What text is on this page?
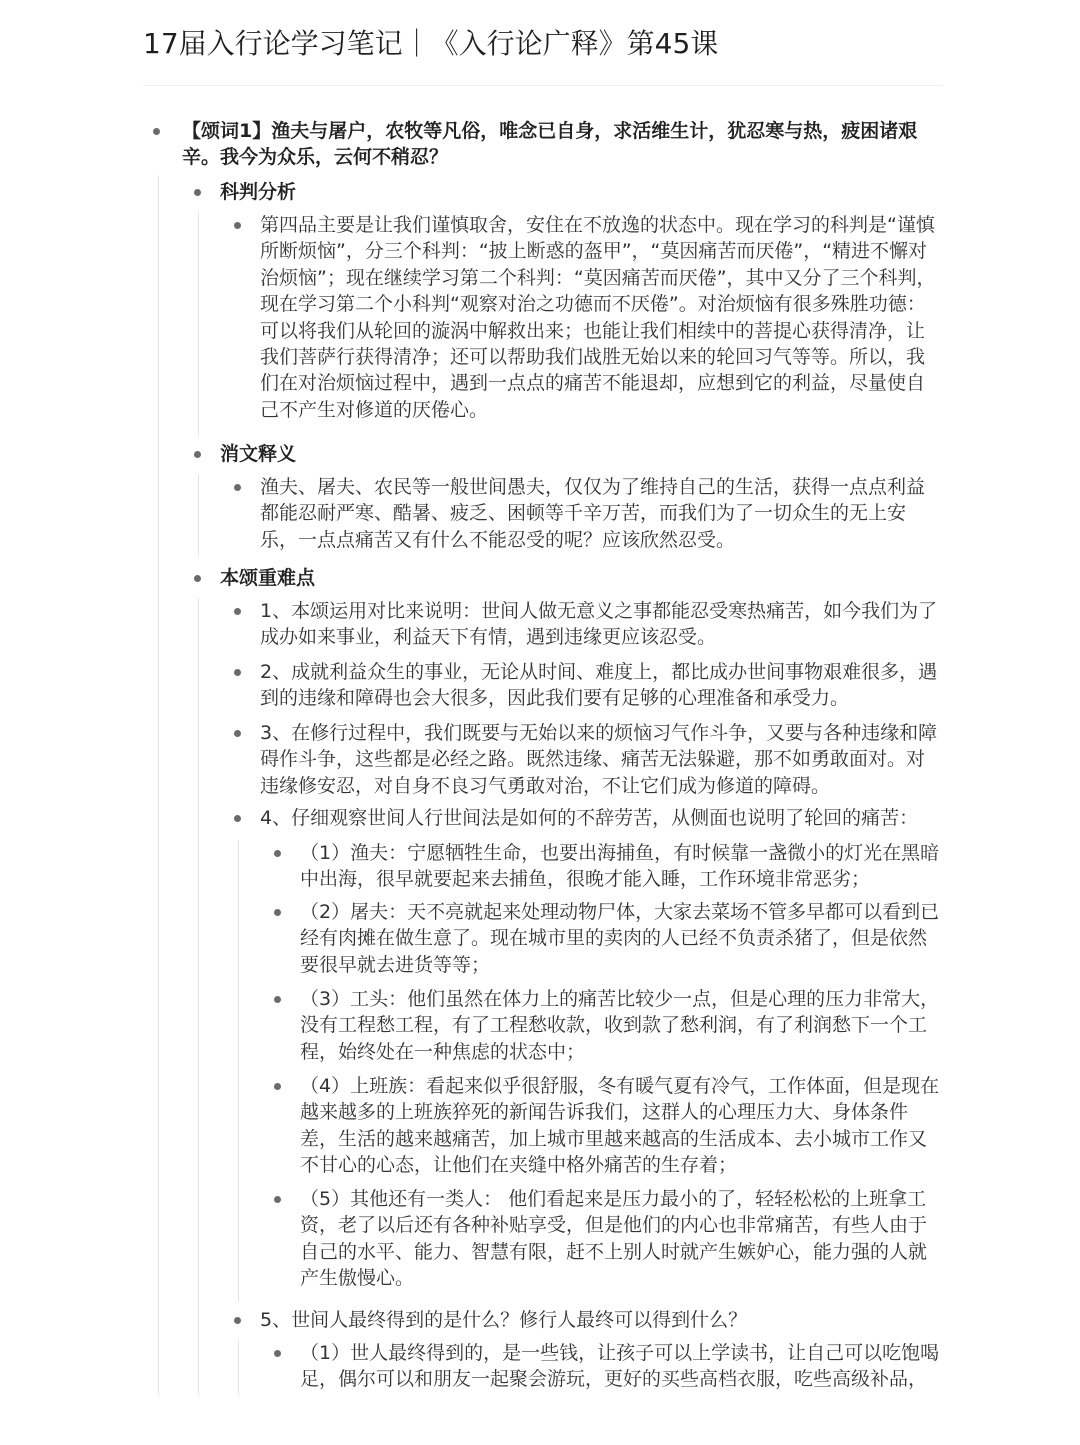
17届入行论学习笔记｜《入行论广释》第45课
【颂词1】渔夫与屠户，农牧等凡俗，唯念已自身，求活维生计，犹忍寒与热，疲困诸艰辛。我今为众乐，云何不稍忍？
科判分析
第四品主要是让我们谨慎取舍，安住在不放逸的状态中。现在学习的科判是“谨慎所断烦恼”，分三个科判：“披上断惑的盔甲”，“莫因痛苦而厌倦”，“精进不懈对治烦恼”；现在继续学习第二个科判：“莫因痛苦而厌倦”，其中又分了三个科判，现在学习第二个小科判“观察对治之功德而不厌倦”。对治烦恼有很多殊胜功德：可以将我们从轮回的漩涡中解救出来；也能让我们相续中的菩提心获得清净，让我们菩萨行获得清净；还可以帮助我们战胜无始以来的轮回习气等等。所以，我们在对治烦恼过程中，遇到一点点的痛苦不能退却，应想到它的利益，尽量使自己不产生对修道的厌倦心。
消文释义
渔夫、屠夫、农民等一般世间愚夫，仅仅为了维持自己的生活，获得一点点利益都能忍耐严寒、酷暑、疲乏、困顿等千辛万苦，而我们为了一切众生的无上安乐，一点点痛苦又有什么不能忍受的呢？应该欣然忍受。
本颂重难点
1、本颂运用对比来说明：世间人做无意义之事都能忍受寒热痛苦，如今我们为了成办如来事业，利益天下有情，遇到违缘更应该忍受。
2、成就利益众生的事业，无论从时间、难度上，都比成办世间事物艰难很多，遇到的违缘和障碍也会大很多，因此我们要有足够的心理准备和承受力。
3、在修行过程中，我们既要与无始以来的烦恼习气作斗争，又要与各种违缘和障碍作斗争，这些都是必经之路。既然违缘、痛苦无法躲避，那不如勇敢面对。对违缘修安忍，对自身不良习气勇敢对治，不让它们成为修道的障碍。
4、仔细观察世间人行世间法是如何的不辞劳苦，从侧面也说明了轮回的痛苦：
（1）渔夫：宁愿牺牲生命，也要出海捕鱼，有时候靠一盏微小的灯光在黑暗中出海，很早就要起来去捕鱼，很晚才能入睡，工作环境非常恶劣；
（2）屠夫：天不亮就起来处理动物尸体，大家去菜场不管多早都可以看到已经有肉摊在做生意了。现在城市里的卖肉的人已经不负责杀猪了，但是依然要很早就去进货等等；
（3）工头：他们虽然在体力上的痛苦比较少一点，但是心理的压力非常大，没有工程愁工程，有了工程愁收款，收到款了愁利润，有了利润愁下一个工程，始终处在一种焦虑的状态中；
（4）上班族：看起来似乎很舒服，冬有暖气夏有冷气，工作体面，但是现在越来越多的上班族猝死的新闻告诉我们，这群人的心理压力大、身体条件差，生活的越来越痛苦，加上城市里越来越高的生活成本、去小城市工作又不甘心的心态，让他们在夹缝中格外痛苦的生存着；
（5）其他还有一类人： 他们看起来是压力最小的了，轻轻松松的上班拿工资，老了以后还有各种补贴享受，但是他们的内心也非常痛苦，有些人由于自己的水平、能力、智慧有限，赶不上别人时就产生嫉妒心，能力强的人就产生傲慢心。
5、世间人最终得到的是什么？修行人最终可以得到什么？
（1）世人最终得到的，是一些钱，让孩子可以上学读书，让自己可以吃饱喝足，偶尔可以和朋友一起聚会游玩，更好的买些高档衣服，吃些高级补品，
